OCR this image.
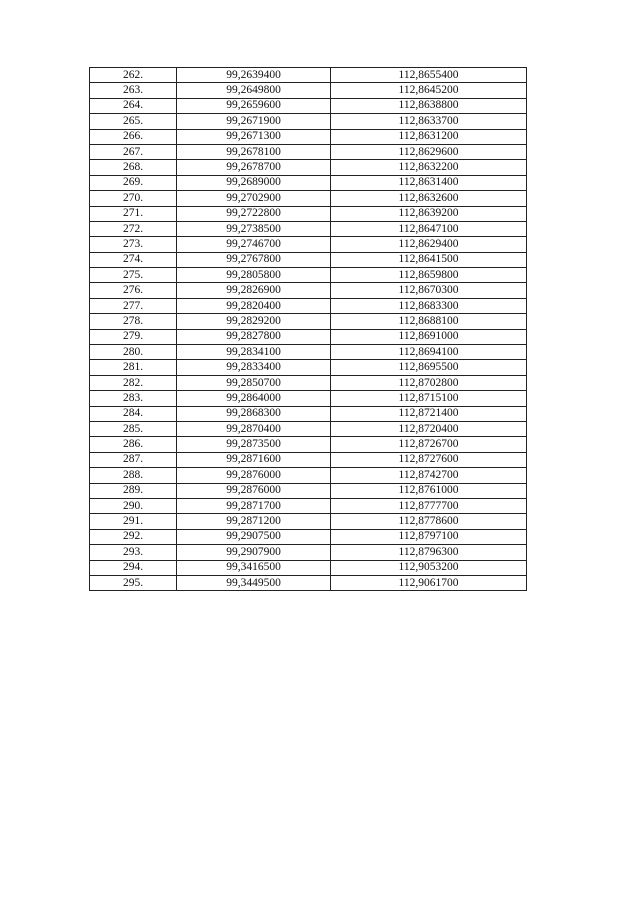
262.	99,2639400	112,8655400
263.	99,2649800	112,8645200
264.	99,2659600	112,8638800
265.	99,2671900	112,8633700
266.	99,2671300	112,8631200
267.	99,2678100	112,8629600
268.	99,2678700	112,8632200
269.	99,2689000	112,8631400
270.	99,2702900	112,8632600
271.	99,2722800	112,8639200
272.	99,2738500	112,8647100
273.	99,2746700	112,8629400
274.	99,2767800	112,8641500
275.	99,2805800	112,8659800
276.	99,2826900	112,8670300
277.	99,2820400	112,8683300
278.	99,2829200	112,8688100
279.	99,2827800	112,8691000
280.	99,2834100	112,8694100
281.	99,2833400	112,8695500
282.	99,2850700	112,8702800
283.	99,2864000	112,8715100
284.	99,2868300	112,8721400
285.	99,2870400	112,8720400
286.	99,2873500	112,8726700
287.	99,2871600	112,8727600
288.	99,2876000	112,8742700
289.	99,2876000	112,8761000
290.	99,2871700	112,8777700
291.	99,2871200	112,8778600
292.	99,2907500	112,8797100
293.	99,2907900	112,8796300
294.	99,3416500	112,9053200
295.	99,3449500	112,9061700
